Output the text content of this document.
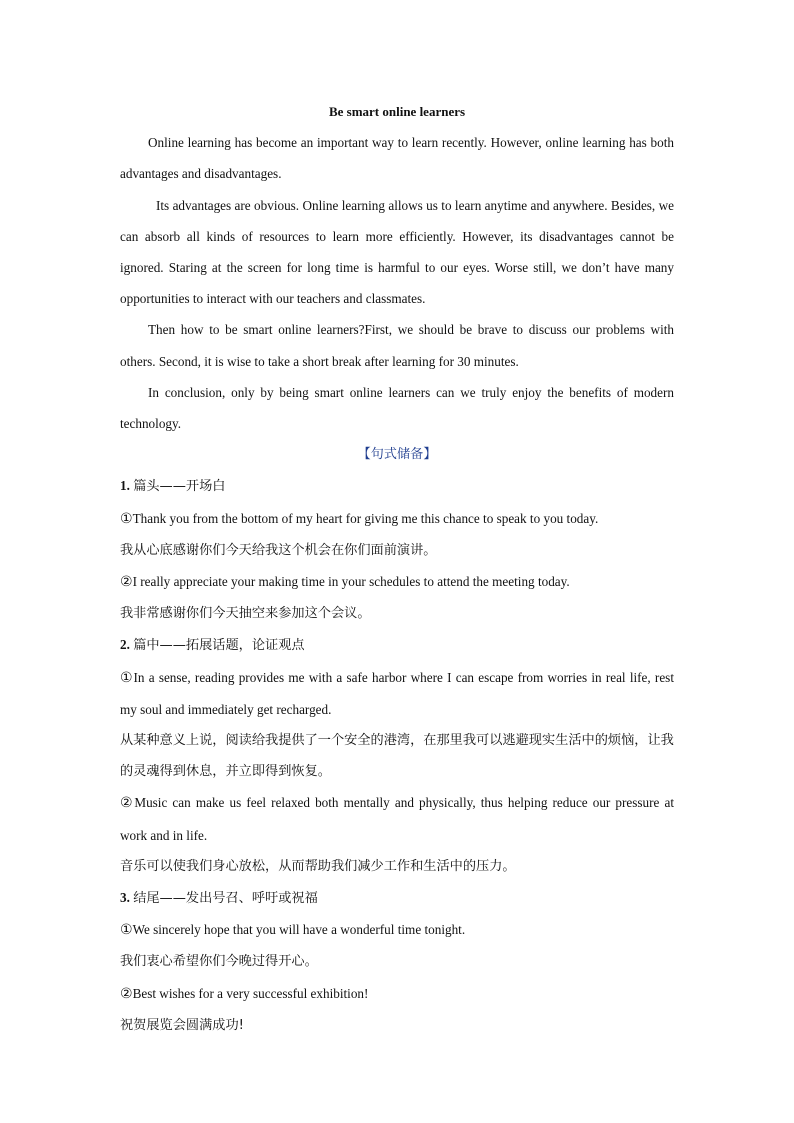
Be smart online learners

Online learning has become an important way to learn recently. However, online learning has both advantages and disadvantages.

Its advantages are obvious. Online learning allows us to learn anytime and anywhere. Besides, we can absorb all kinds of resources to learn more efficiently. However, its disadvantages cannot be ignored. Staring at the screen for long time is harmful to our eyes. Worse still, we don’t have many opportunities to interact with our teachers and classmates.

Then how to be smart online learners?First, we should be brave to discuss our problems with others. Second, it is wise to take a short break after learning for 30 minutes.

In conclusion, only by being smart online learners can we truly enjoy the benefits of modern technology.

【句式储备】

1. 篇头——开场白

①Thank you from the bottom of my heart for giving me this chance to speak to you today.

我从心底感谢你们今天给我这个机会在你们面前演讲。

②I really appreciate your making time in your schedules to attend the meeting today.

我非常感谢你们今天抽空来参加这个会议。

2. 篇中——拓展话题，论证观点

①In a sense, reading provides me with a safe harbor where I can escape from worries in real life, rest my soul and immediately get recharged.

从某种意义上说，阅读给我提供了一个安全的港湾，在那里我可以逃避现实生活中的烦恼，让我的灵魂得到休息，并立即得到恢复。

②Music can make us feel relaxed both mentally and physically, thus helping reduce our pressure at work and in life.

音乐可以使我们身心放松，从而帮助我们减少工作和生活中的压力。

3. 结尾——发出号召、呼吁或祝福

①We sincerely hope that you will have a wonderful time tonight.

我们衷心希望你们今晚过得开心。

②Best wishes for a very successful exhibition!

祝贺展览会圆满成功!
